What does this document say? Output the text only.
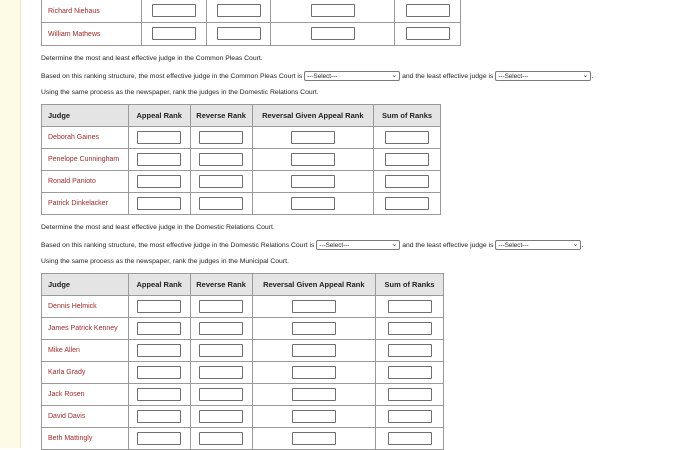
Richard Niehaus				
William Mathews				
Determine the most and least effective judge in the Common Pleas Court.
Based on this ranking structure, the most effective judge in the Common Pleas Court is ---Select---	⌄ and the least effective judge is ---Select---	⌄ .
Using the same process as the newspaper, rank the judges in the Domestic Relations Court.
Judge	Appeal Rank	Reverse Rank	Reversal Given Appeal Rank	Sum of Ranks
Deborah Gaines				
Penelope Cunningham				
Ronald Panioto				
Patrick Dinkelacker				
Determine the most and least effective judge in the Domestic Relations Court.
Based on this ranking structure, the most effective judge in the Domestic Relations Court is ---Select---	⌄ and the least effective judge is ---Select---	⌄ .
Using the same process as the newspaper, rank the judges in the Municipal Court.
Judge	Appeal Rank	Reverse Rank	Reversal Given Appeal Rank	Sum of Ranks
Dennis Helmick				
James Patrick Kenney				
Mike Allen				
Karla Grady				
Jack Rosen				
David Davis				
Beth Mattingly				
